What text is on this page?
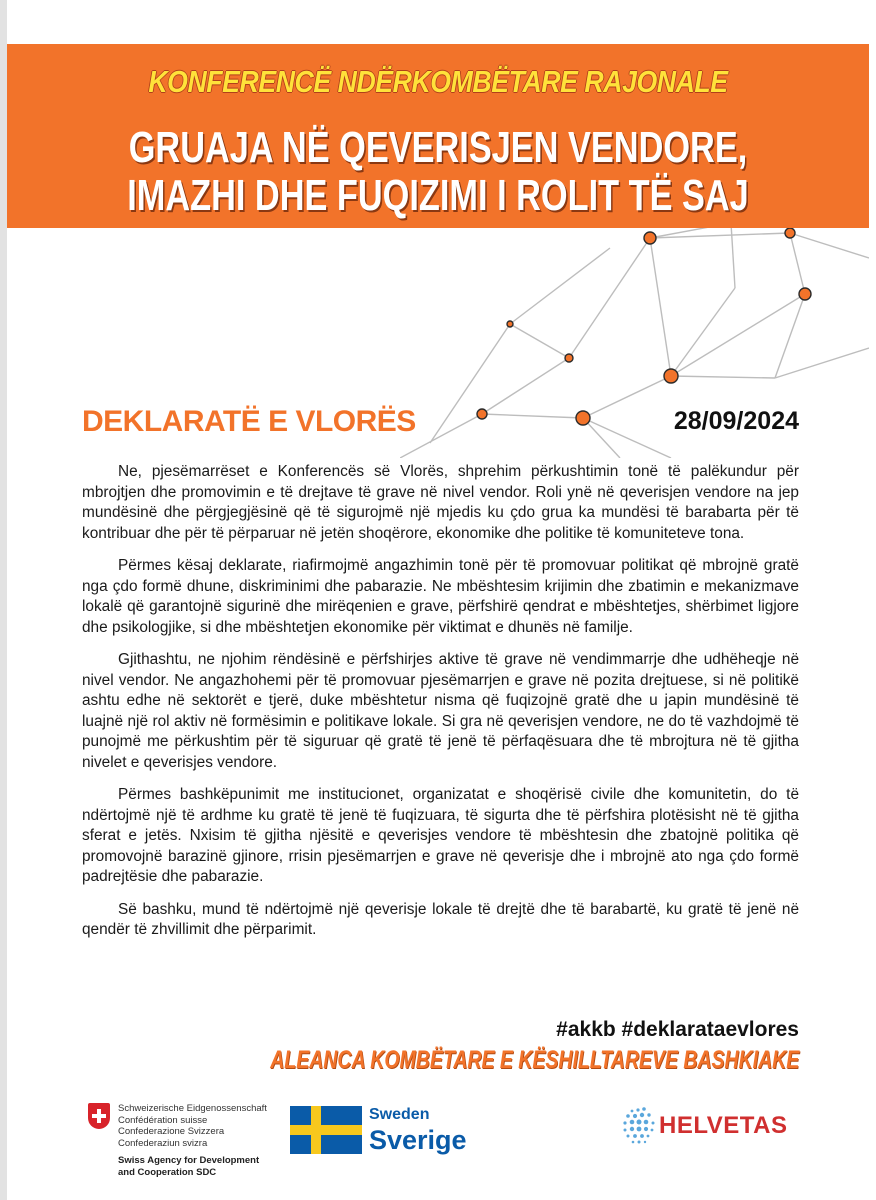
KONFERENCË NDËRKOMBËTARE RAJONALE
GRUAJA NË QEVERISJEN VENDORE,
IMAZHI DHE FUQIZIMI I ROLIT TË SAJ
DEKLARATË E VLORËS	28/09/2024

Ne, pjesëmarrëset e Konferencës së Vlorës, shprehim përkushtimin tonë të palëkundur për mbrojtjen dhe promovimin e të drejtave të grave në nivel vendor. Roli ynë në qeverisjen vendore na jep mundësinë dhe përgjegjësinë që të sigurojmë një mjedis ku çdo grua ka mundësi të barabarta për të kontribuar dhe për të përparuar në jetën shoqërore, ekonomike dhe politike të komuniteteve tona.

Përmes kësaj deklarate, riafirmojmë angazhimin tonë për të promovuar politikat që mbrojnë gratë nga çdo formë dhune, diskriminimi dhe pabarazie. Ne mbështesim krijimin dhe zbatimin e mekanizmave lokalë që garantojnë sigurinë dhe mirëqenien e grave, përfshirë qendrat e mbështetjes, shërbimet ligjore dhe psikologjike, si dhe mbështetjen ekonomike për viktimat e dhunës në familje.

Gjithashtu, ne njohim rëndësinë e përfshirjes aktive të grave në vendimmarrje dhe udhëheqje në nivel vendor. Ne angazhohemi për të promovuar pjesëmarrjen e grave në pozita drejtuese, si në politikë ashtu edhe në sektorët e tjerë, duke mbështetur nisma që fuqizojnë gratë dhe u japin mundësinë të luajnë një rol aktiv në formësimin e politikave lokale. Si gra në qeverisjen vendore, ne do të vazhdojmë të punojmë me përkushtim për të siguruar që gratë të jenë të përfaqësuara dhe të mbrojtura në të gjitha nivelet e qeverisjes vendore.

Përmes bashkëpunimit me institucionet, organizatat e shoqërisë civile dhe komunitetin, do të ndërtojmë një të ardhme ku gratë të jenë të fuqizuara, të sigurta dhe të përfshira plotësisht në të gjitha sferat e jetës. Nxisim të gjitha njësitë e qeverisjes vendore të mbështesin dhe zbatojnë politika që promovojnë barazinë gjinore, rrisin pjesëmarrjen e grave në qeverisje dhe i mbrojnë ato nga çdo formë padrejtësie dhe pabarazie.

Së bashku, mund të ndërtojmë një qeverisje lokale të drejtë dhe të barabartë, ku gratë të jenë në qendër të zhvillimit dhe përparimit.

#akkb #deklarataevlores
ALEANCA KOMBËTARE E KËSHILLTAREVE BASHKIAKE
Schweizerische Eidgenossenschaft
Confédération suisse
Confederazione Svizzera
Confederaziun svizra
Swiss Agency for Development
and Cooperation SDC
Sweden
Sverige	HELVETAS
